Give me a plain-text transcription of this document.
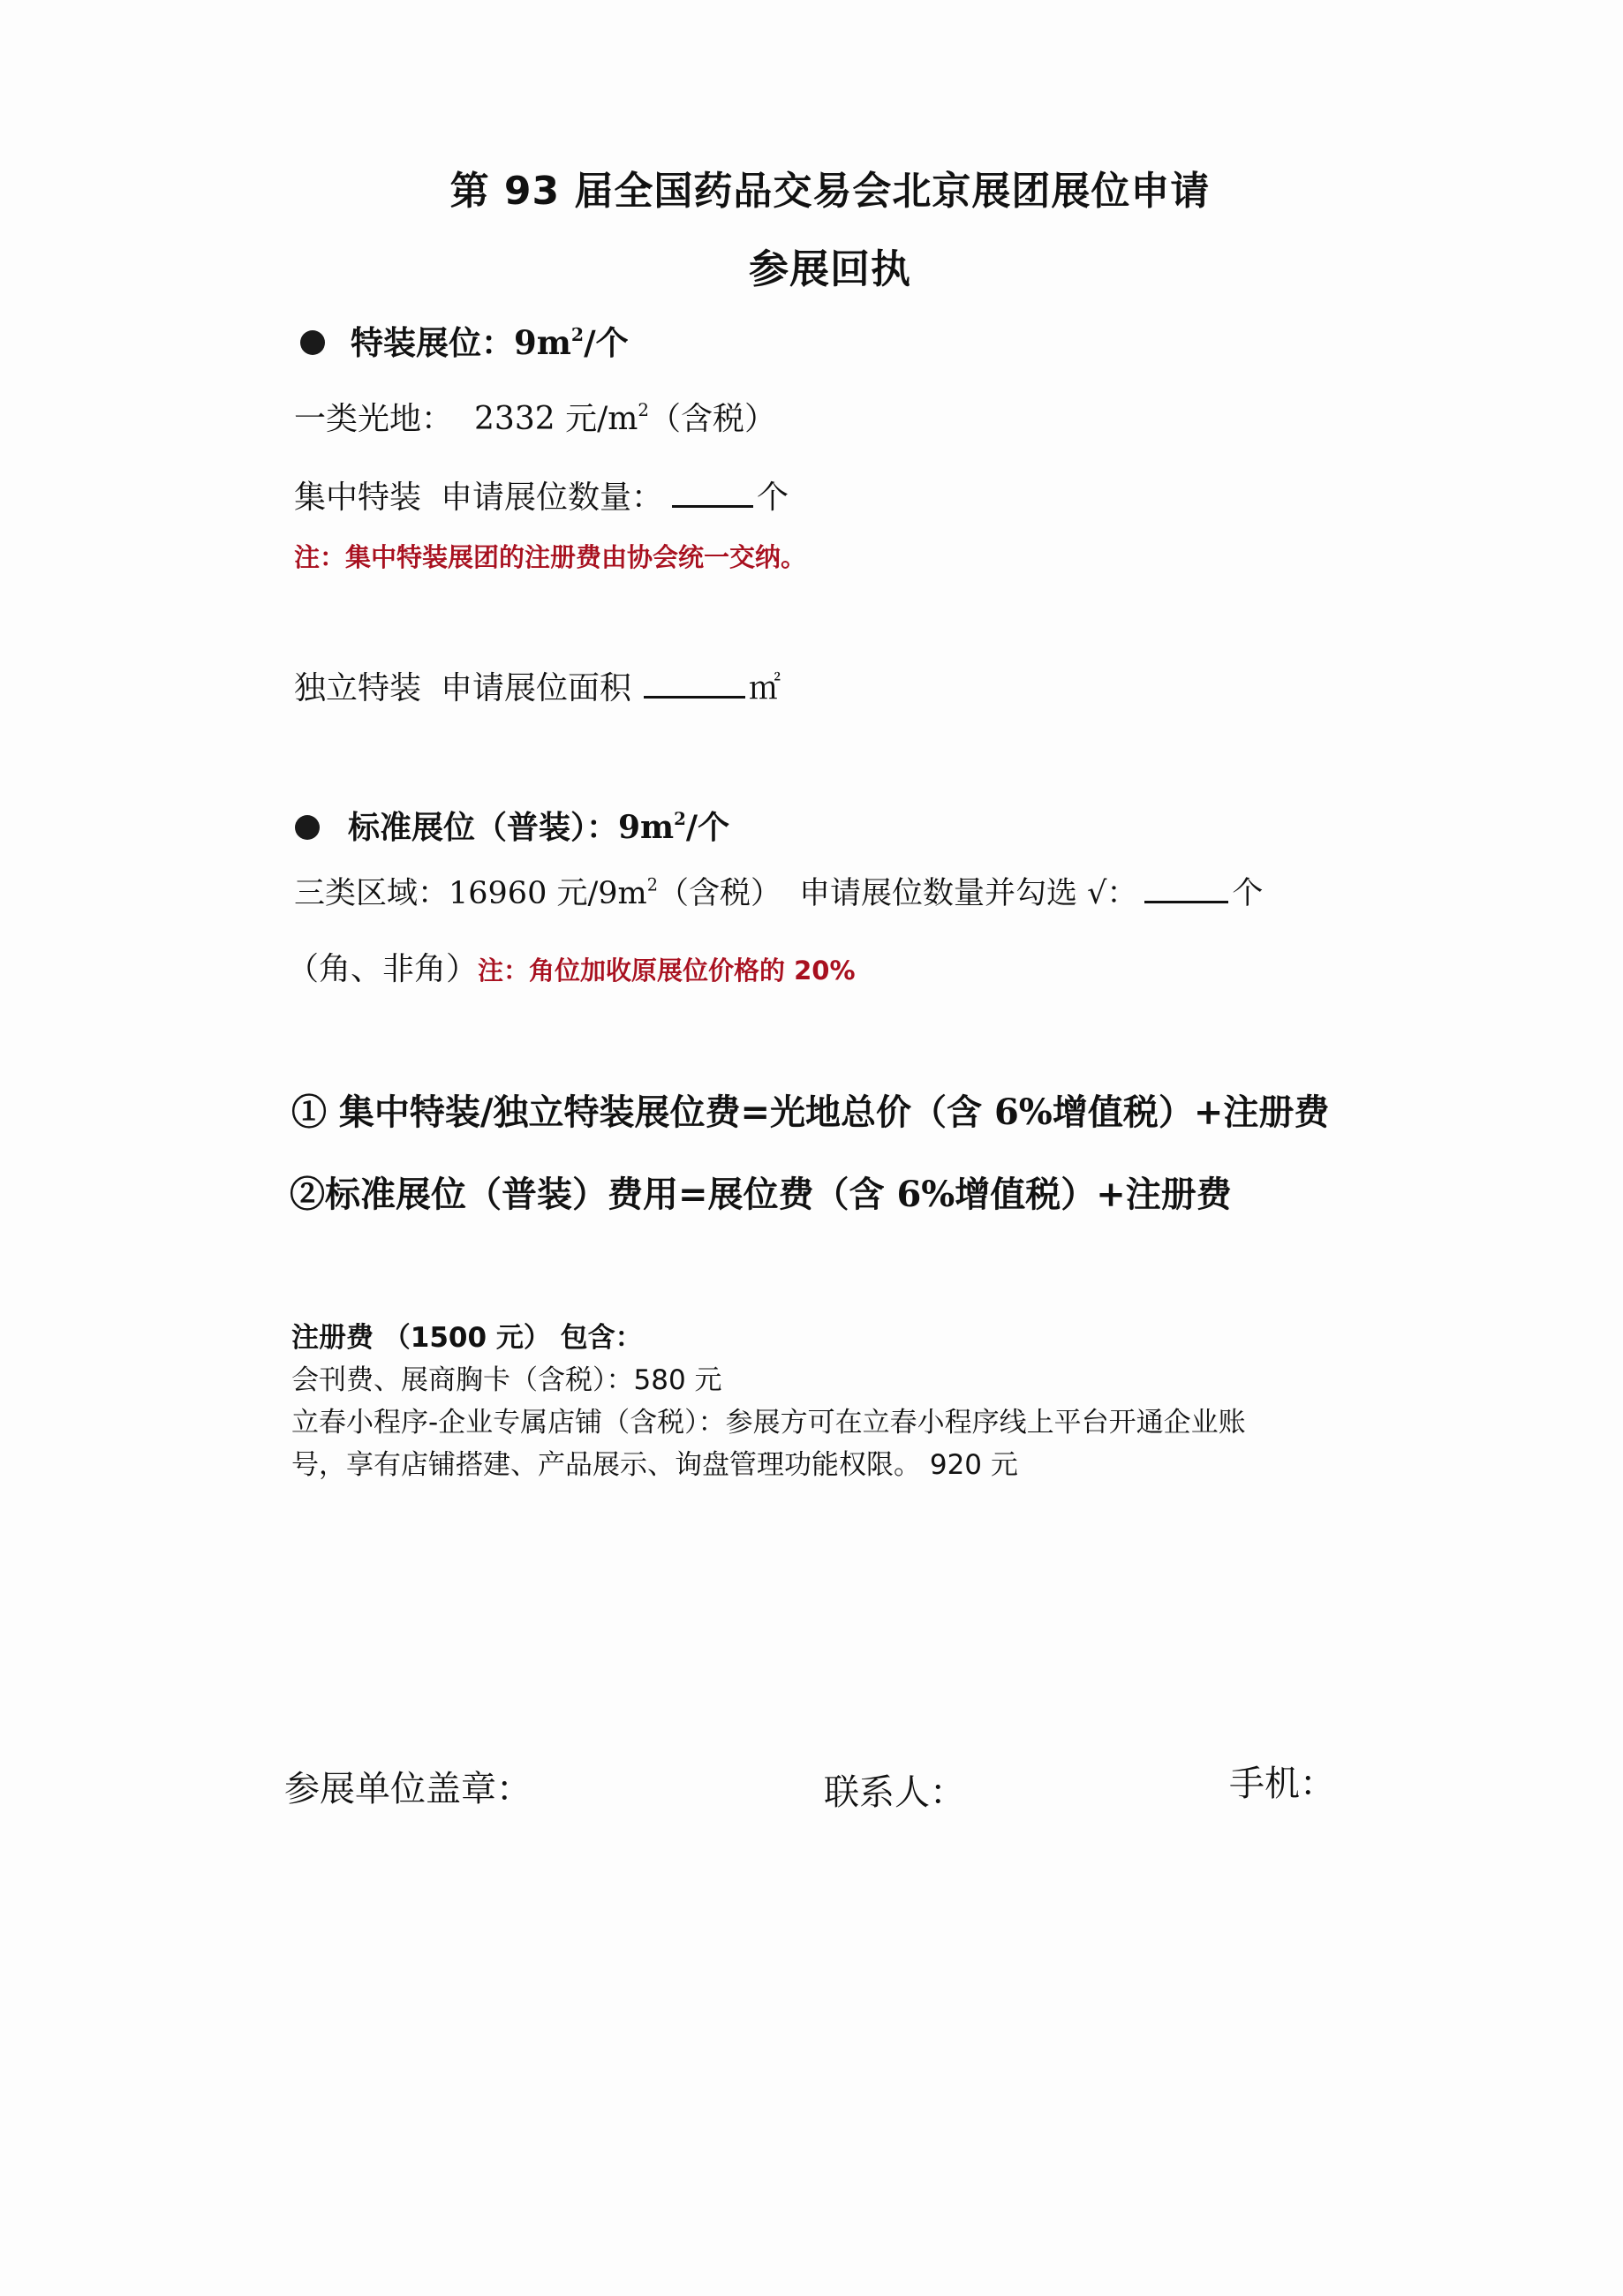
第 93 届全国药品交易会北京展团展位申请
参展回执
特装展位：$9m^2/$个
一类光地： 2332 元$/m^2$（含税）
集中特装 申请展位数量：	个
注：集中特装展团的注册费由协会统一交纳。
独立特装 申请展位面积	㎡
标准展位（普装）：$9m^2/$个
三类区域：16960 元$/9m^2$（含税） 申请展位数量并勾选 √：	个
（角、非角）注：角位加收原展位价格的 20%
① 集中特装/独立特装展位费=光地总价（含 6%增值税）+注册费
②标准展位（普装）费用=展位费（含 6%增值税）+注册费
注册费 （1500 元） 包含：
会刊费、展商胸卡（含税）：580 元
立春小程序-企业专属店铺（含税）：参展方可在立春小程序线上平台开通企业账
号，享有店铺搭建、产品展示、询盘管理功能权限。 920 元
参展单位盖章：	联系人：	手机：
